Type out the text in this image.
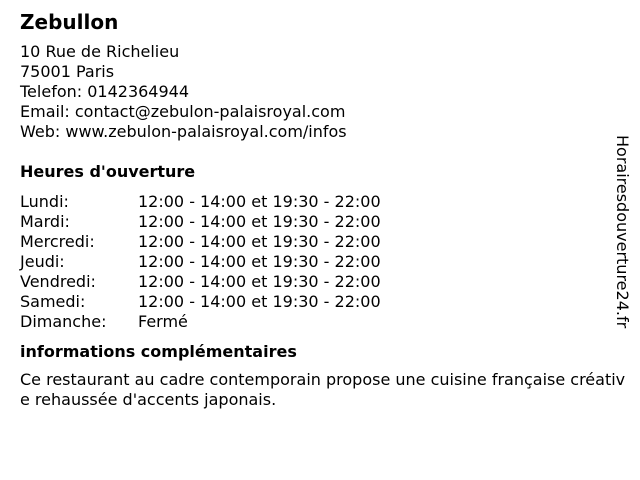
Zebullon
10 Rue de Richelieu
75001 Paris
Telefon: 0142364944
Email: contact@zebulon-palaisroyal.com
Web: www.zebulon-palaisroyal.com/infos
Heures d'ouverture
Lundi:	12:00 - 14:00 et 19:30 - 22:00
Mardi:	12:00 - 14:00 et 19:30 - 22:00
Mercredi:	12:00 - 14:00 et 19:30 - 22:00
Jeudi:	12:00 - 14:00 et 19:30 - 22:00
Vendredi:	12:00 - 14:00 et 19:30 - 22:00
Samedi:	12:00 - 14:00 et 19:30 - 22:00
Dimanche:	Fermé
informations complémentaires
Ce restaurant au cadre contemporain propose une cuisine française créative rehaussée d'accents japonais.
Horairesdouverture24.fr
